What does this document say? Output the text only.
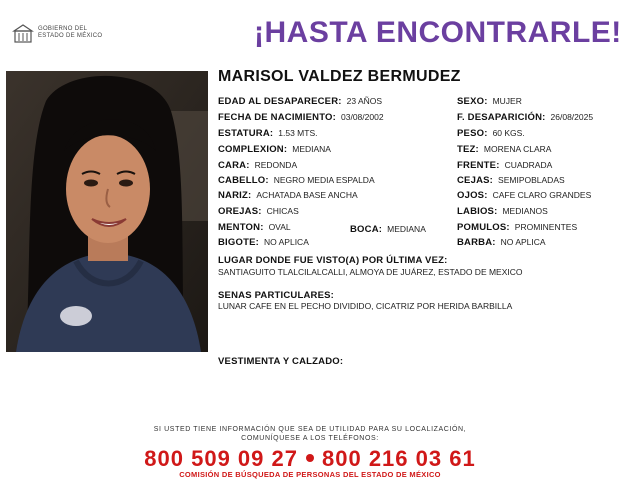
GOBIERNO DEL
ESTADO DE MÉXICO	¡HASTA ENCONTRARLE!
MARISOL VALDEZ BERMUDEZ
EDAD AL DESAPARECER: 23 AÑOS
FECHA DE NACIMIENTO: 03/08/2002
ESTATURA: 1.53 MTS.
COMPLEXION: MEDIANA
CARA: REDONDA
CABELLO: NEGRO MEDIA ESPALDA
NARIZ: ACHATADA BASE ANCHA
OREJAS: CHICAS
MENTON: OVAL	BOCA: MEDIANA
BIGOTE: NO APLICA
SEXO: MUJER
F. DESAPARICIÓN: 26/08/2025
PESO: 60 KGS.
TEZ: MORENA CLARA
FRENTE: CUADRADA
CEJAS: SEMIPOBLADAS
OJOS: CAFE CLARO GRANDES
LABIOS: MEDIANOS
POMULOS: PROMINENTES
BARBA: NO APLICA
LUGAR DONDE FUE VISTO(A) POR ÚLTIMA VEZ:
SANTIAGUITO TLALCILALCALLI, ALMOYA DE JUÁREZ, ESTADO DE MEXICO
SENAS PARTICULARES:
LUNAR CAFE EN EL PECHO DIVIDIDO, CICATRIZ POR HERIDA BARBILLA
VESTIMENTA Y CALZADO:
SI USTED TIENE INFORMACIÓN QUE SEA DE UTILIDAD PARA SU LOCALIZACIÓN,
COMUNÍQUESE A LOS TELÉFONOS:
800 509 09 27 800 216 03 61
COMISIÓN DE BÚSQUEDA DE PERSONAS DEL ESTADO DE MÉXICO
